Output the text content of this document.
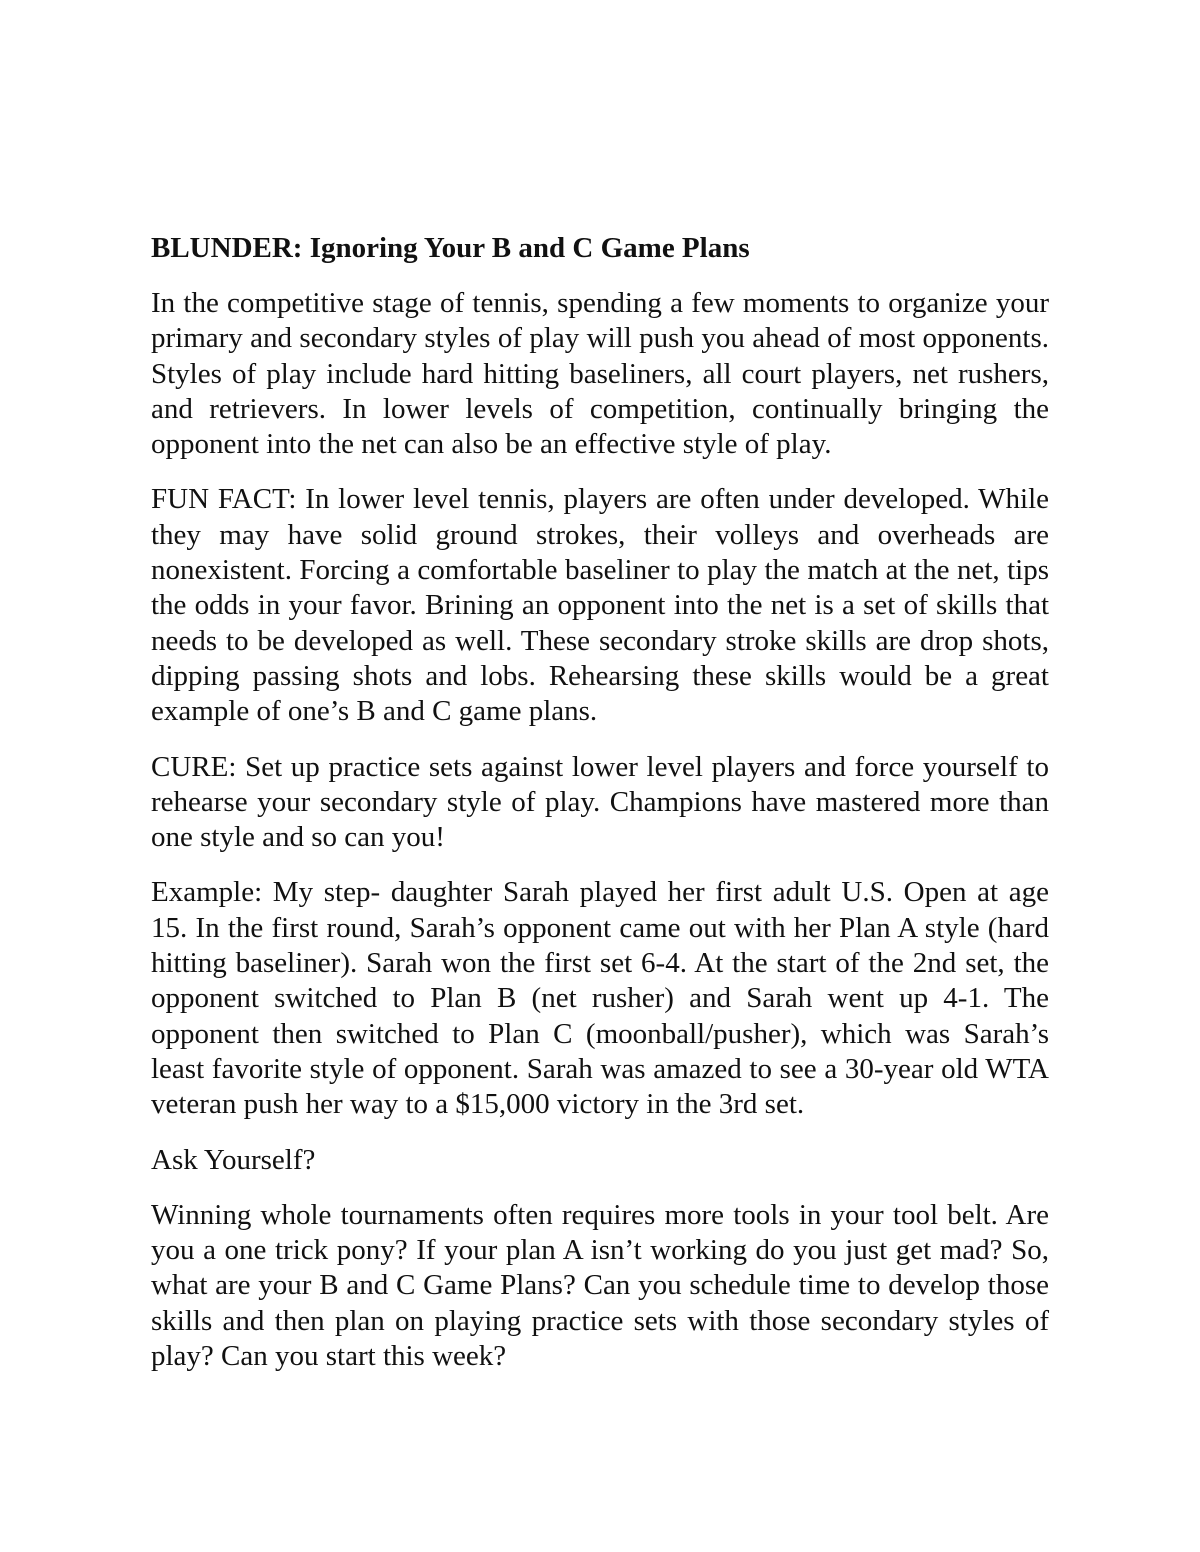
BLUNDER: Ignoring Your B and C Game Plans

In the competitive stage of tennis, spending a few moments to organize your primary and secondary styles of play will push you ahead of most opponents. Styles of play include hard hitting baseliners, all court players, net rushers, and retrievers. In lower levels of competition, continually bringing the opponent into the net can also be an effective style of play.

FUN FACT: In lower level tennis, players are often under developed. While they may have solid ground strokes, their volleys and overheads are nonexistent. Forcing a comfortable baseliner to play the match at the net, tips the odds in your favor. Brining an opponent into the net is a set of skills that needs to be developed as well. These secondary stroke skills are drop shots, dipping passing shots and lobs. Rehearsing these skills would be a great example of one’s B and C game plans.

CURE: Set up practice sets against lower level players and force yourself to rehearse your secondary style of play. Champions have mastered more than one style and so can you!

Example: My step- daughter Sarah played her first adult U.S. Open at age 15. In the first round, Sarah’s opponent came out with her Plan A style (hard hitting baseliner). Sarah won the first set 6-4. At the start of the 2nd set, the opponent switched to Plan B (net rusher) and Sarah went up 4-1. The opponent then switched to Plan C (moonball/pusher), which was Sarah’s least favorite style of opponent. Sarah was amazed to see a 30-year old WTA veteran push her way to a $15,000 victory in the 3rd set.

Ask Yourself?

Winning whole tournaments often requires more tools in your tool belt. Are you a one trick pony? If your plan A isn’t working do you just get mad? So, what are your B and C Game Plans? Can you schedule time to develop those skills and then plan on playing practice sets with those secondary styles of play? Can you start this week?
